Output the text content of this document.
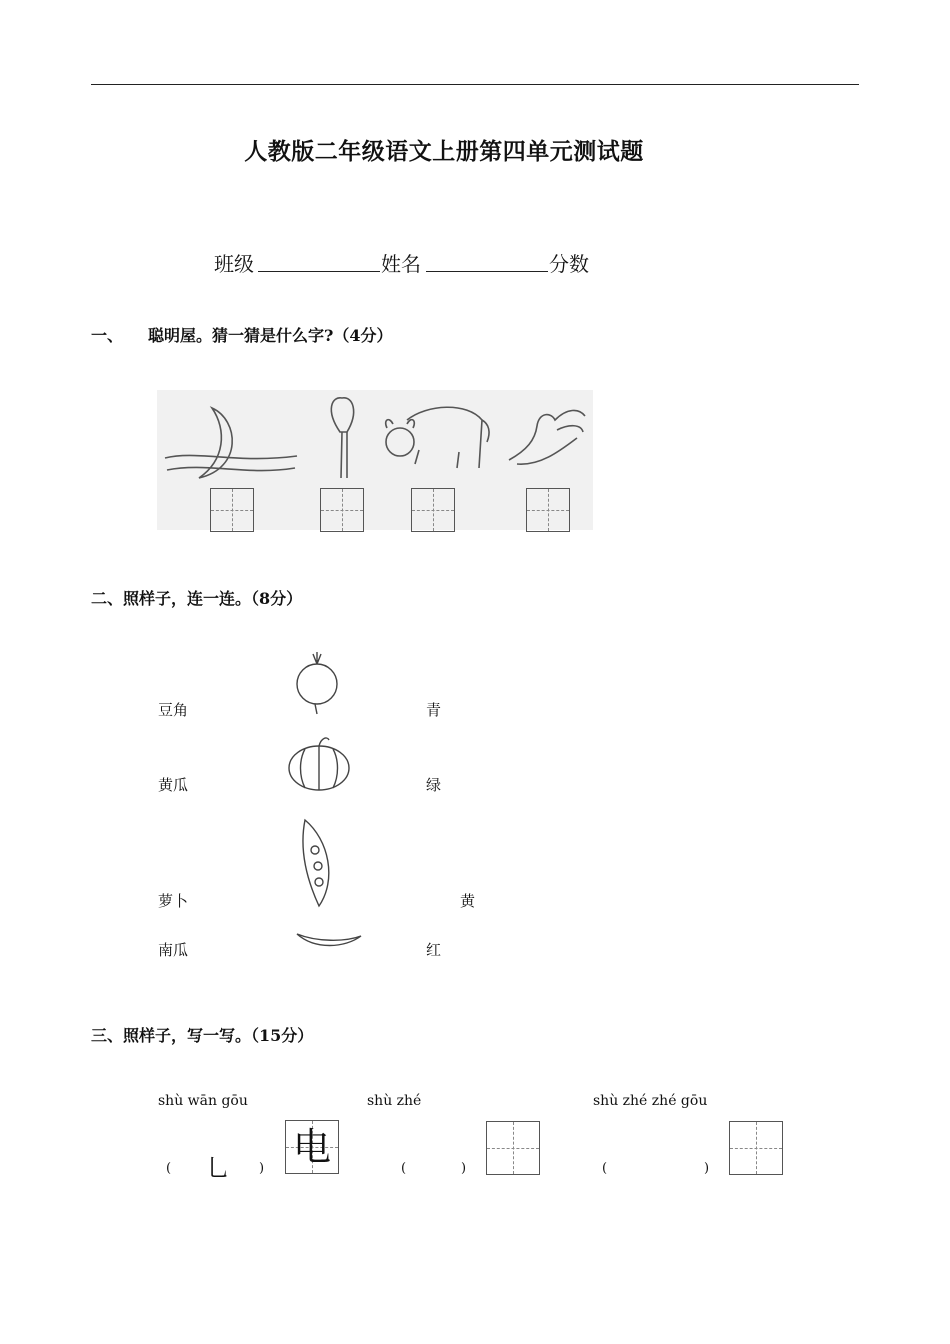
人教版二年级语文上册第四单元测试题
班级	姓名	分数
一、 聪明屋。猜一猜是什么字?（4分）
二、照样子，连一连。（8分）
豆角
黄瓜
萝卜
南瓜
青
绿
黄
红
三、照样子，写一写。（15分）
shù wān gōu
( 乚 ) 电
shù zhé
(	)
shù zhé zhé gōu
(	)
